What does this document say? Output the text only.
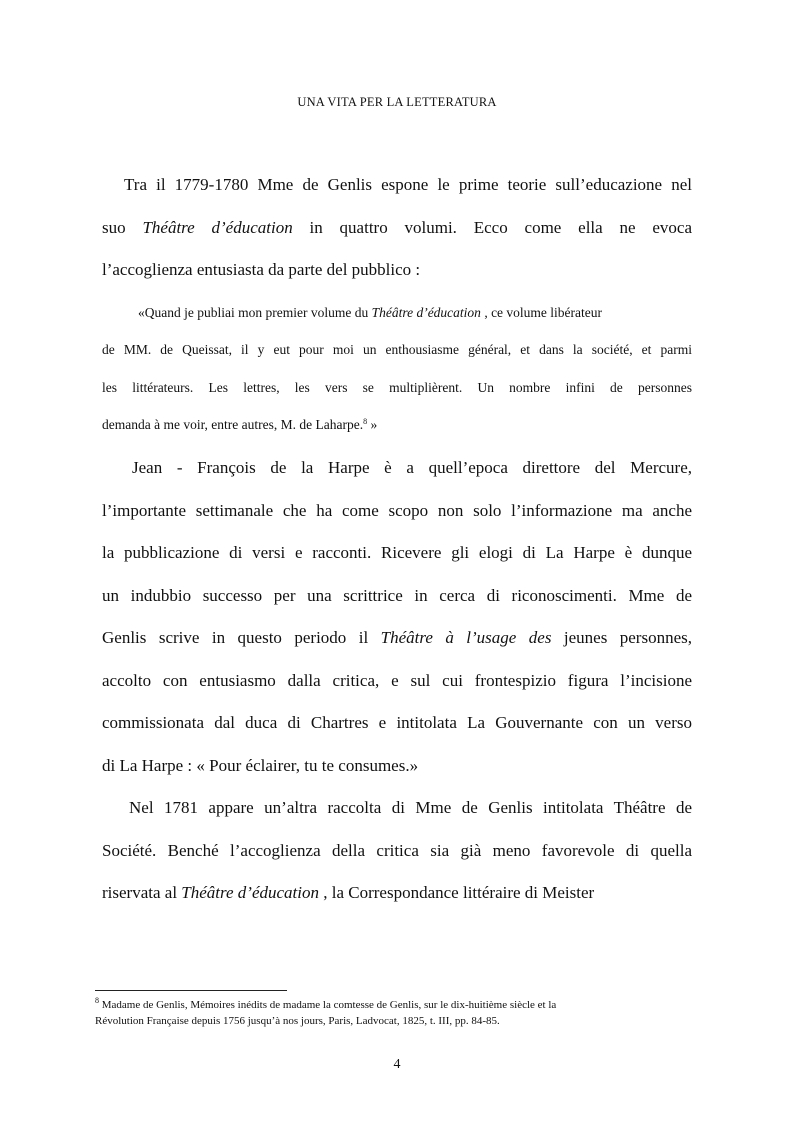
UNA VITA PER LA LETTERATURA
Tra il 1779-1780 Mme de Genlis espone le prime teorie sull’educazione nel
suo Théâtre d’éducation in quattro volumi. Ecco come ella ne evoca
l’accoglienza entusiasta da parte del pubblico :
«Quand je publiai mon premier volume du Théâtre d’éducation , ce volume libérateur
de MM. de Queissat, il y eut pour moi un enthousiasme général, et dans la société, et parmi
les littérateurs. Les lettres, les vers se multiplièrent. Un nombre infini de personnes
demanda à me voir, entre autres, M. de Laharpe.$^8$ »
Jean - François de la Harpe è a quell’epoca direttore del Mercure,
l’importante settimanale che ha come scopo non solo l’informazione ma anche
la pubblicazione di versi e racconti. Ricevere gli elogi di La Harpe è dunque
un indubbio successo per una scrittrice in cerca di riconoscimenti. Mme de
Genlis scrive in questo periodo il Théâtre à l’usage des jeunes personnes,
accolto con entusiasmo dalla critica, e sul cui frontespizio figura l’incisione
commissionata dal duca di Chartres e intitolata La Gouvernante con un verso
di La Harpe : « Pour éclairer, tu te consumes.»
Nel 1781 appare un’altra raccolta di Mme de Genlis intitolata Théâtre de
Société. Benché l’accoglienza della critica sia già meno favorevole di quella
riservata al Théâtre d’éducation , la Correspondance littéraire di Meister

$^8$ Madame de Genlis, Mémoires inédits de madame la comtesse de Genlis, sur le dix-huitième siècle et la
Révolution Française depuis 1756 jusqu’à nos jours, Paris, Ladvocat, 1825, t. III, pp. 84-85.

4
